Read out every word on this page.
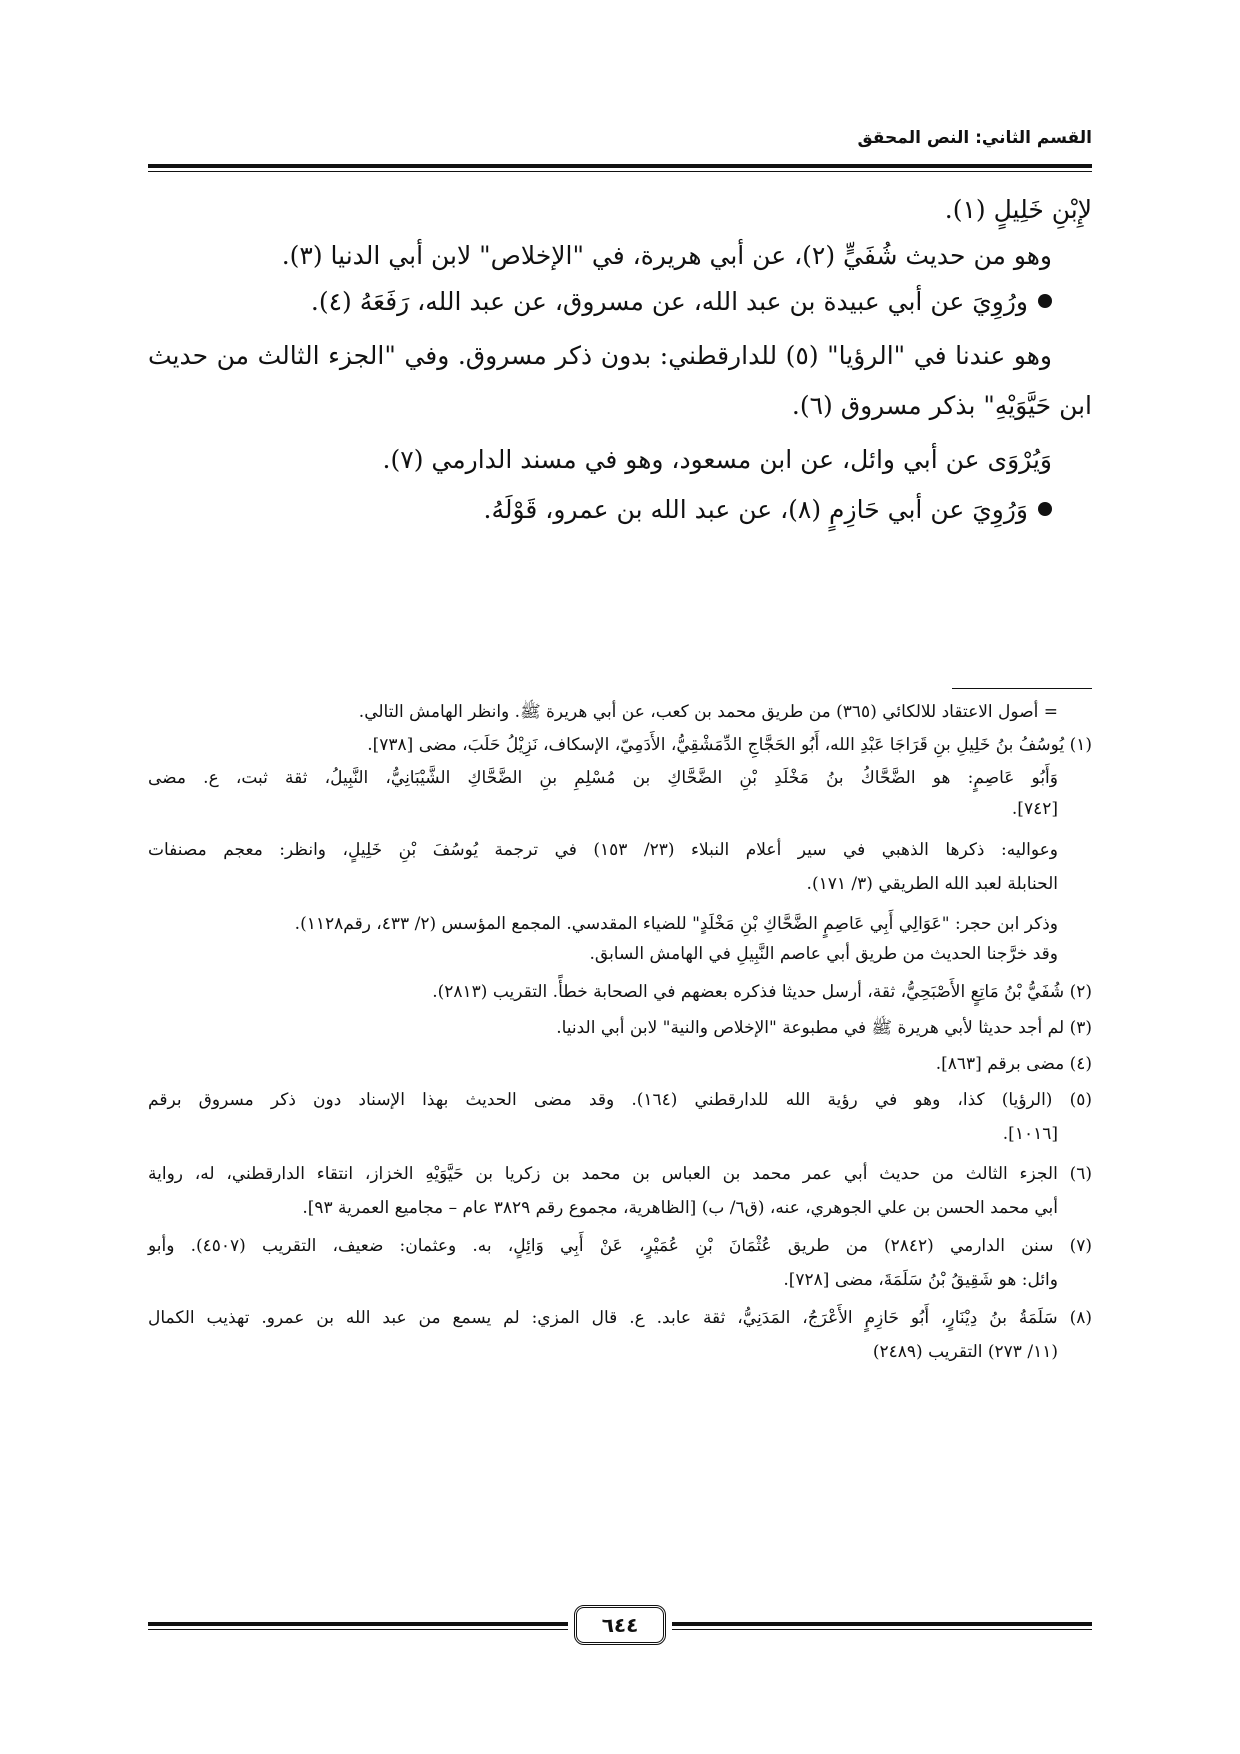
القسم الثاني: النص المحقق
لإِبْنِ خَلِيلٍ (١).
وهو من حديث شُفَيٍّ (٢)، عن أبي هريرة، في "الإخلاص" لابن أبي الدنيا (٣).
ورُوِيَ عن أبي عبيدة بن عبد الله، عن مسروق، عن عبد الله، رَفَعَهُ (٤).
وهو عندنا في "الرؤيا" (٥) للدارقطني: بدون ذكر مسروق. وفي "الجزء الثالث من حديث
ابن حَيَّوَيْهِ" بذكر مسروق (٦).
وَيُرْوَى عن أبي وائل، عن ابن مسعود، وهو في مسند الدارمي (٧).
وَرُوِيَ عن أبي حَازِمٍ (٨)، عن عبد الله بن عمرو، قَوْلَهُ.
= أصول الاعتقاد للالكائي (٣٦٥) من طريق محمد بن كعب، عن أبي هريرة ﷺ. وانظر الهامش التالي.
(١) يُوسُفُ بنُ خَلِيلِ بنِ قَرَاجَا عَبْدِ الله، أَبُو الحَجَّاجِ الدِّمَشْقِيُّ، الأَدَمِيّ، الإسكاف، نَزِيْلُ حَلَبَ، مضى [٧٣٨].
وَأَبُو عَاصِمٍ: هو الضَّحَّاكُ بنُ مَخْلَدِ بْنِ الضَّحَّاكِ بن مُسْلِمِ بنِ الضَّحَّاكِ الشَّيْبَانِيُّ، النَّبِيلُ، ثقة ثبت، ع. مضى
[٧٤٢].
وعواليه: ذكرها الذهبي في سير أعلام النبلاء (٢٣/ ١٥٣) في ترجمة يُوسُفَ بْنِ خَلِيلٍ، وانظر: معجم مصنفات
الحنابلة لعبد الله الطريقي (٣/ ١٧١).
وذكر ابن حجر: "عَوَالِي أَبِي عَاصِمٍ الضَّحَّاكِ بْنِ مَخْلَدٍ" للضياء المقدسي. المجمع المؤسس (٢/ ٤٣٣، رقم١١٢٨).
وقد خرَّجنا الحديث من طريق أبي عاصم النَّبِيلِ في الهامش السابق.
(٢) شُفَيُّ بْنُ مَاتِعٍ الأَصْبَحِيُّ، ثقة، أرسل حديثا فذكره بعضهم في الصحابة خطأً. التقريب (٢٨١٣).
(٣) لم أجد حديثا لأبي هريرة ﷺ في مطبوعة "الإخلاص والنية" لابن أبي الدنيا.
(٤) مضى برقم [٨٦٣].
(٥) (الرؤيا) كذا، وهو في رؤية الله للدارقطني (١٦٤). وقد مضى الحديث بهذا الإسناد دون ذكر مسروق برقم
[١٠١٦].
(٦) الجزء الثالث من حديث أبي عمر محمد بن العباس بن محمد بن زكريا بن حَيَّوَيْهِ الخزاز، انتقاء الدارقطني، له، رواية
أبي محمد الحسن بن علي الجوهري، عنه، (ق٦/ ب) [الظاهرية، مجموع رقم ٣٨٢٩ عام – مجاميع العمرية ٩٣].
(٧) سنن الدارمي (٢٨٤٢) من طريق عُثْمَانَ بْنِ عُمَيْرٍ، عَنْ أَبِي وَائِلٍ، به. وعثمان: ضعيف، التقريب (٤٥٠٧). وأبو
وائل: هو شَقِيقُ بْنُ سَلَمَةَ، مضى [٧٢٨].
(٨) سَلَمَةُ بنُ دِيْنَارٍ، أَبُو حَازِمٍ الأَعْرَجُ، المَدَنِيُّ، ثقة عابد. ع. قال المزي: لم يسمع من عبد الله بن عمرو. تهذيب الكمال
(١١/ ٢٧٣) التقريب (٢٤٨٩)
٦٤٤
